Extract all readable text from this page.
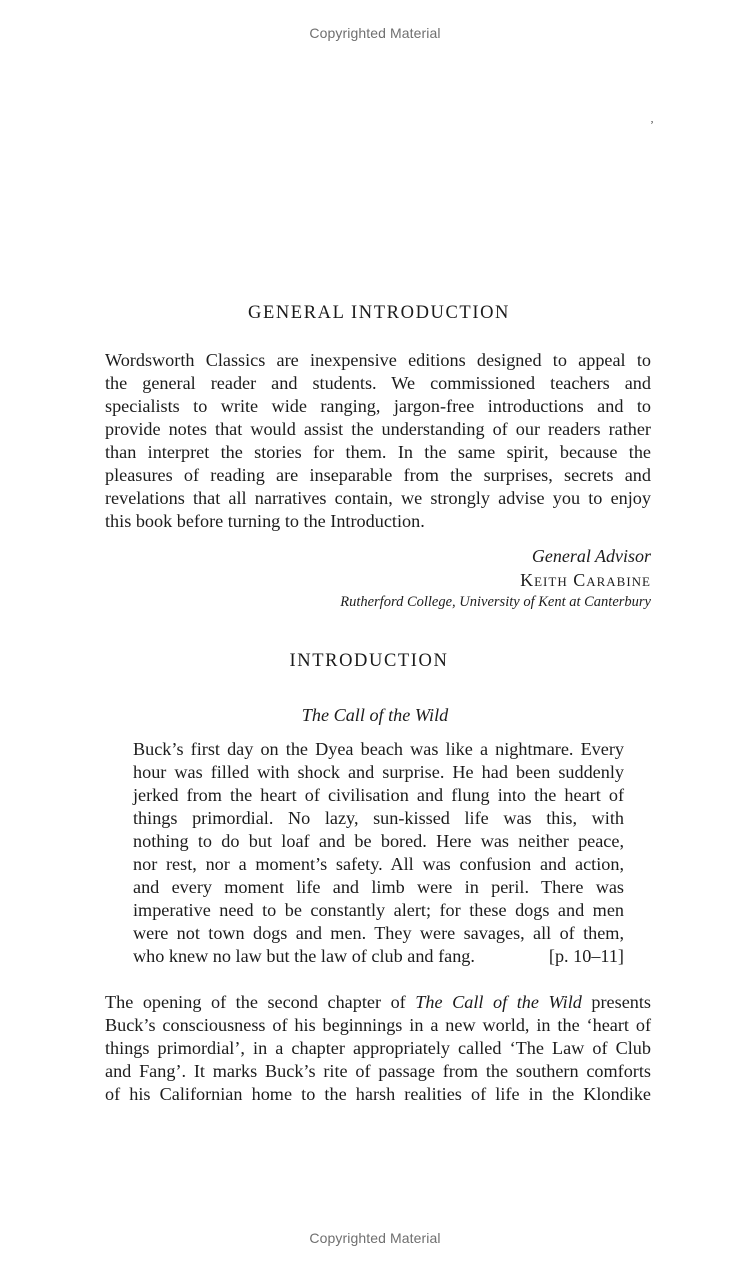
Copyrighted Material
ʼ
GENERAL INTRODUCTION

Wordsworth Classics are inexpensive editions designed to appeal to
the general reader and students. We commissioned teachers and
specialists to write wide ranging, jargon-free introductions and to
provide notes that would assist the understanding of our readers rather
than interpret the stories for them. In the same spirit, because the
pleasures of reading are inseparable from the surprises, secrets and
revelations that all narratives contain, we strongly advise you to enjoy
this book before turning to the Introduction.

General Advisor
Keith Carabine
Rutherford College, University of Kent at Canterbury
INTRODUCTION
The Call of the Wild

Buck’s first day on the Dyea beach was like a nightmare. Every
hour was filled with shock and surprise. He had been suddenly
jerked from the heart of civilisation and flung into the heart of
things primordial. No lazy, sun-kissed life was this, with
nothing to do but loaf and be bored. Here was neither peace,
nor rest, nor a moment’s safety. All was confusion and action,
and every moment life and limb were in peril. There was
imperative need to be constantly alert; for these dogs and men
were not town dogs and men. They were savages, all of them,
who knew no law but the law of club and fang.	[p. 10–11]

The opening of the second chapter of The Call of the Wild presents
Buck’s consciousness of his beginnings in a new world, in the ‘heart of
things primordial’, in a chapter appropriately called ‘The Law of Club
and Fang’. It marks Buck’s rite of passage from the southern comforts
of his Californian home to the harsh realities of life in the Klondike

Copyrighted Material
